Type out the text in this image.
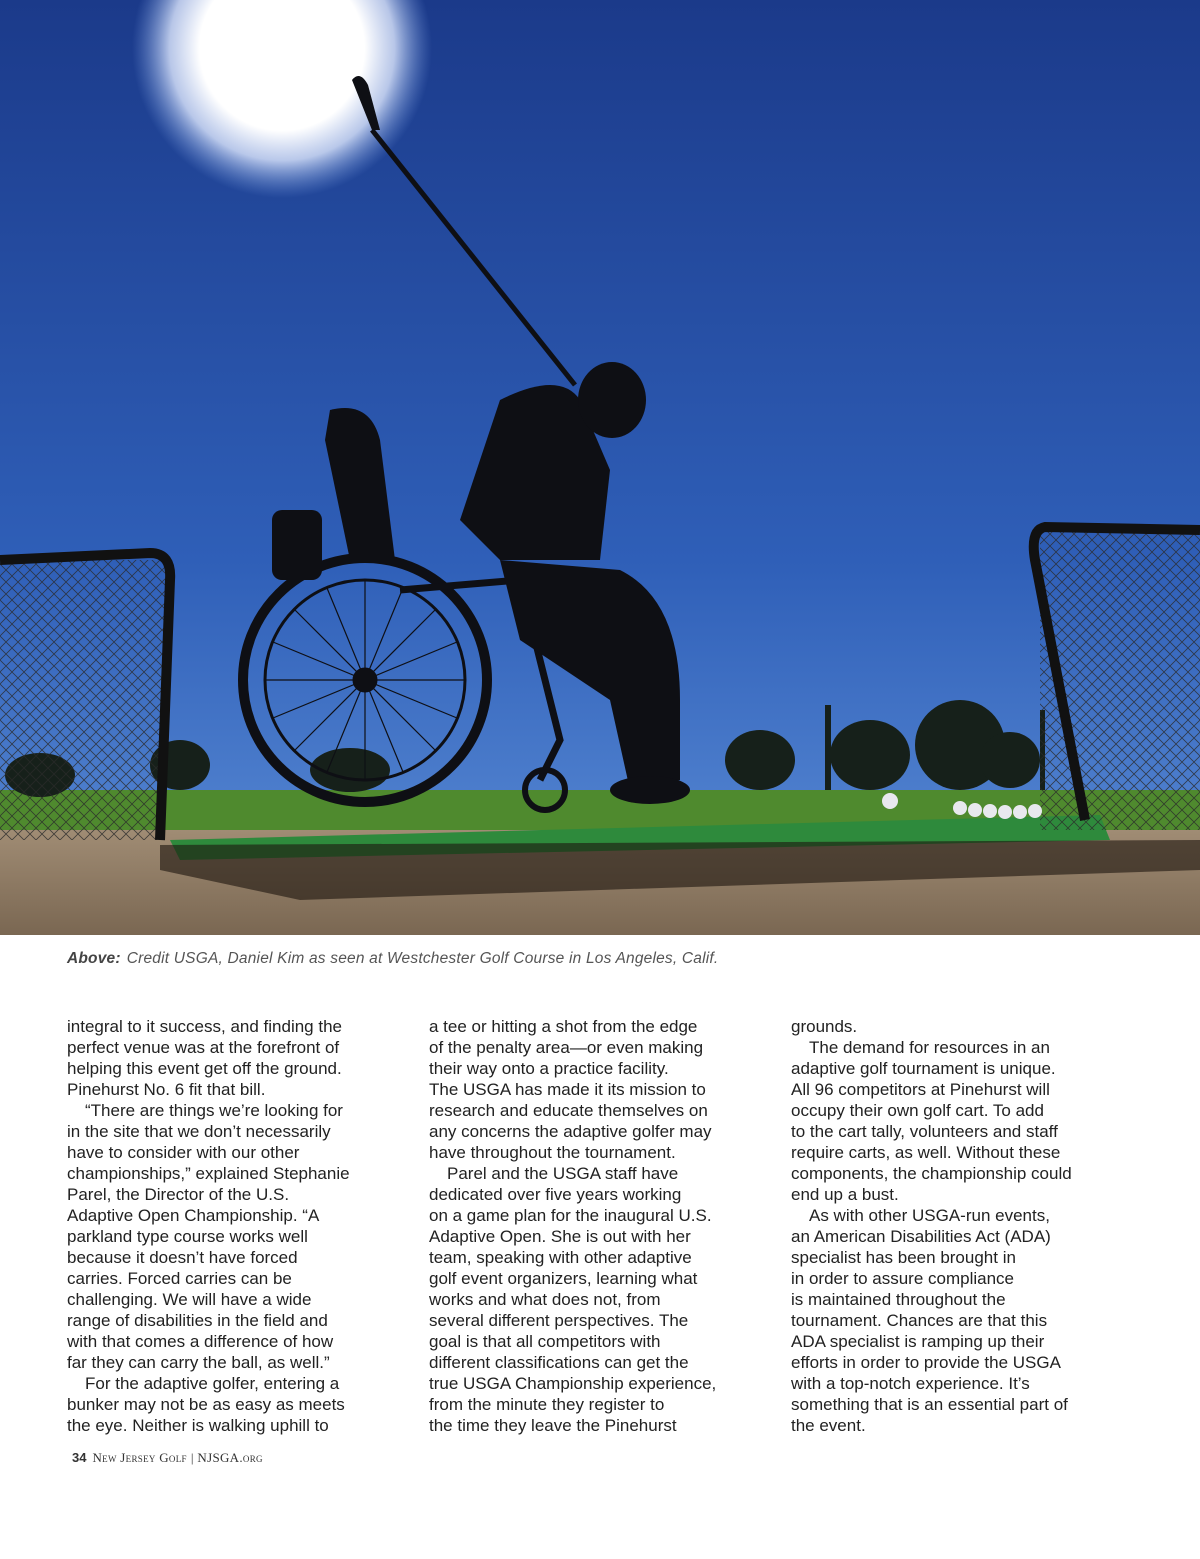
Above: Credit USGA, Daniel Kim as seen at Westchester Golf Course in Los Angeles, Calif.
integral to it success, and finding the
perfect venue was at the forefront of
helping this event get off the ground.
Pinehurst No. 6 fit that bill.
“There are things we’re looking for
in the site that we don’t necessarily
have to consider with our other
championships,” explained Stephanie
Parel, the Director of the U.S.
Adaptive Open Championship. “A
parkland type course works well
because it doesn’t have forced
carries. Forced carries can be
challenging. We will have a wide
range of disabilities in the field and
with that comes a difference of how
far they can carry the ball, as well.”
For the adaptive golfer, entering a
bunker may not be as easy as meets
the eye. Neither is walking uphill to
a tee or hitting a shot from the edge
of the penalty area—or even making
their way onto a practice facility.
The USGA has made it its mission to
research and educate themselves on
any concerns the adaptive golfer may
have throughout the tournament.
Parel and the USGA staff have
dedicated over five years working
on a game plan for the inaugural U.S.
Adaptive Open. She is out with her
team, speaking with other adaptive
golf event organizers, learning what
works and what does not, from
several different perspectives. The
goal is that all competitors with
different classifications can get the
true USGA Championship experience,
from the minute they register to
the time they leave the Pinehurst
grounds.
The demand for resources in an
adaptive golf tournament is unique.
All 96 competitors at Pinehurst will
occupy their own golf cart. To add
to the cart tally, volunteers and staff
require carts, as well. Without these
components, the championship could
end up a bust.
As with other USGA-run events,
an American Disabilities Act (ADA)
specialist has been brought in
in order to assure compliance
is maintained throughout the
tournament. Chances are that this
ADA specialist is ramping up their
efforts in order to provide the USGA
with a top-notch experience. It’s
something that is an essential part of
the event.
34 New Jersey Golf | NJSGA.org
